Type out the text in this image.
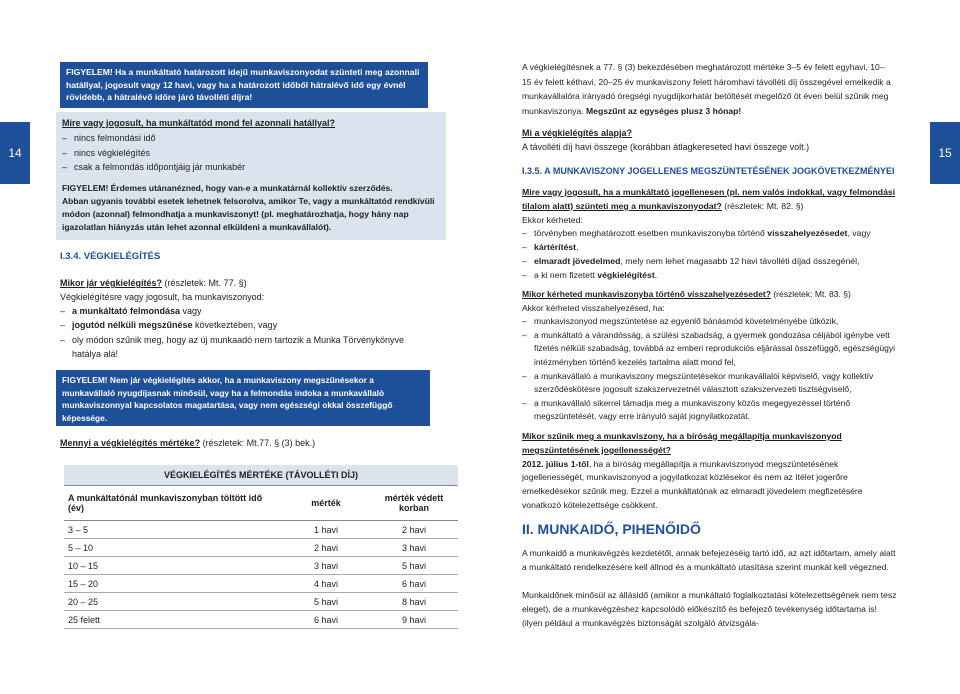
14
FIGYELEM! Ha a munkáltató határozott idejű munkaviszonyodat szünteti meg azonnali hatállyal, jogosult vagy 12 havi, vagy ha a határozott időből hátralévő idő egy évnél rövidebb, a hátralévő időre járó távolléti díjra!
Mire vagy jogosult, ha munkáltatód mond fel azonnali hatállyal?
– nincs felmondási idő
– nincs végkielégítés
– csak a felmondás időpontjáig jár munkabér
FIGYELEM! Érdemes utánanézned, hogy van-e a munkatárnál kollektív szerződés.
Abban ugyanis további esetek lehetnek felsorolva, amikor Te, vagy a munkáltatód rendkívüli módon (azonnal) felmondhatja a munkaviszonyt! (pl. meghatározhatja, hogy hány nap igazolatlan hiányzás után lehet azonnal elküldeni a munkavállalót).
I.3.4. VÉGKIELÉGÍTÉS
Mikor jár végkielégítés? (részletek: Mt. 77. §)
Végkielégítésre vagy jogosult, ha munkaviszonyod:
– a munkáltató felmondása vagy
– jogutód nélküli megszűnése következtében, vagy
– oly módon szűnik meg, hogy az új munkaadó nem tartozik a Munka Törvénykönyve hatálya alá!
FIGYELEM! Nem jár végkielégítés akkor, ha a munkaviszony megszűnésekor a munkavállaló nyugdíjasnak minősül, vagy ha a felmondás indoka a munkavállaló munkaviszonnyal kapcsolatos magatartása, vagy nem egészségi okkal összefüggő képessége.
Mennyi a végkielégítés mértéke? (részletek: Mt.77. § (3) bek.)
VÉGKIELÉGÍTÉS MÉRTÉKE (TÁVOLLÉTI DÍJ)		
A munkáltatónál munkaviszonyban töltött idő (év)	mérték	mérték védett korban
3 – 5	1 havi	2 havi
5 – 10	2 havi	3 havi
10 – 15	3 havi	5 havi
15 – 20	4 havi	6 havi
20 – 25	5 havi	8 havi
25 felett	6 havi	9 havi
15
A végkielégítésnek a 77. § (3) bekezdésében meghatározott mértéke 3–5 év felett egyhavi, 10–15 év felett kéthavi, 20–25 év munkaviszony felett háromhavi távolléti díj összegével emelkedik a munkavállalóra irányadó öregségi nyugdíjkorhatár betöltését megelőző öt éven belül szűnik meg munkaviszonya. Megszűnt az egységes plusz 3 hónap!
Mi a végkielégítés alapja?
A távolléti díj havi összege (korábban átlagkereseted havi összege volt.)
I.3.5. A MUNKAVISZONY JOGELLENES MEGSZÜNTETÉSÉNEK JOGKÖVETKEZMÉNYEI
Mire vagy jogosult, ha a munkáltató jogellenesen (pl. nem valós indokkal, vagy felmondási tilalom alatt) szünteti meg a munkaviszonyodat? (részletek: Mt. 82. §)
Ekkor kérheted:
– törvényben meghatározott esetben munkaviszonyba történő visszahelyezésedet, vagy
– kártérítést,
– elmaradt jövedelmed, mely nem lehet magasabb 12 havi távolléti díjad összegénél,
– a ki nem fizetett végkielégítést.
Mikor kérheted munkaviszonyba történő visszahelyezésedet? (részletek: Mt. 83. §)
Akkor kérheted visszahelyezésed, ha:
– munkaviszonyod megszüntetése az egyenlő bánásmód követelményébe ütközik,
– a munkáltató a várandósság, a szülési szabadság, a gyermek gondozása céljából igénybe vett fizetés nélküli szabadság, továbbá az emberi reprodukciós eljárással összefüggő, egészségügyi intézményben történő kezelés tartalma alatt mond fel,
– a munkavállaló a munkaviszony megszüntetésekor munkavállalói képviselő, vagy kollektív szerződéskötésre jogosult szakszervezetnél választott szakszervezeti tisztségviselő,
– a munkavállaló sikerrel támadja meg a munkaviszony közös megegyezéssel történő megszüntetését, vagy erre irányuló saját jognyilatkozatát.
Mikor szűnik meg a munkaviszony, ha a bíróság megállapítja munkaviszonyod megszüntetésének jogellenességét?
2012. július 1-től, ha a bíróság megállapítja a munkaviszonyod megszüntetésének jogellenességét, munkaviszonyod a jogyilatkozat közlésekor és nem az ítélet jogerőre emelkedésekor szűnik meg. Ezzel a munkáltatónak az elmaradt jövedelem megfizetésére vonatkozó kötelezettsége csökkent.
II. MUNKAIDŐ, PIHENŐIDŐ
A munkaidő a munkavégzés kezdetétől, annak befejezéséig tartó idő, az azt időtartam, amely alatt a munkáltató rendelkezésére kell állnod és a munkáltató utasítása szerint munkát kell végezned.
Munkaidőnek minősül az állásidő (amikor a munkáltató foglalkoztatási kötelezettségének nem tesz eleget), de a munkavégzéshez kapcsolódó előkészítő és befejező tevékenység időtartama is! (ilyen például a munkavégzés biztonságát szolgáló átvizsgála-
